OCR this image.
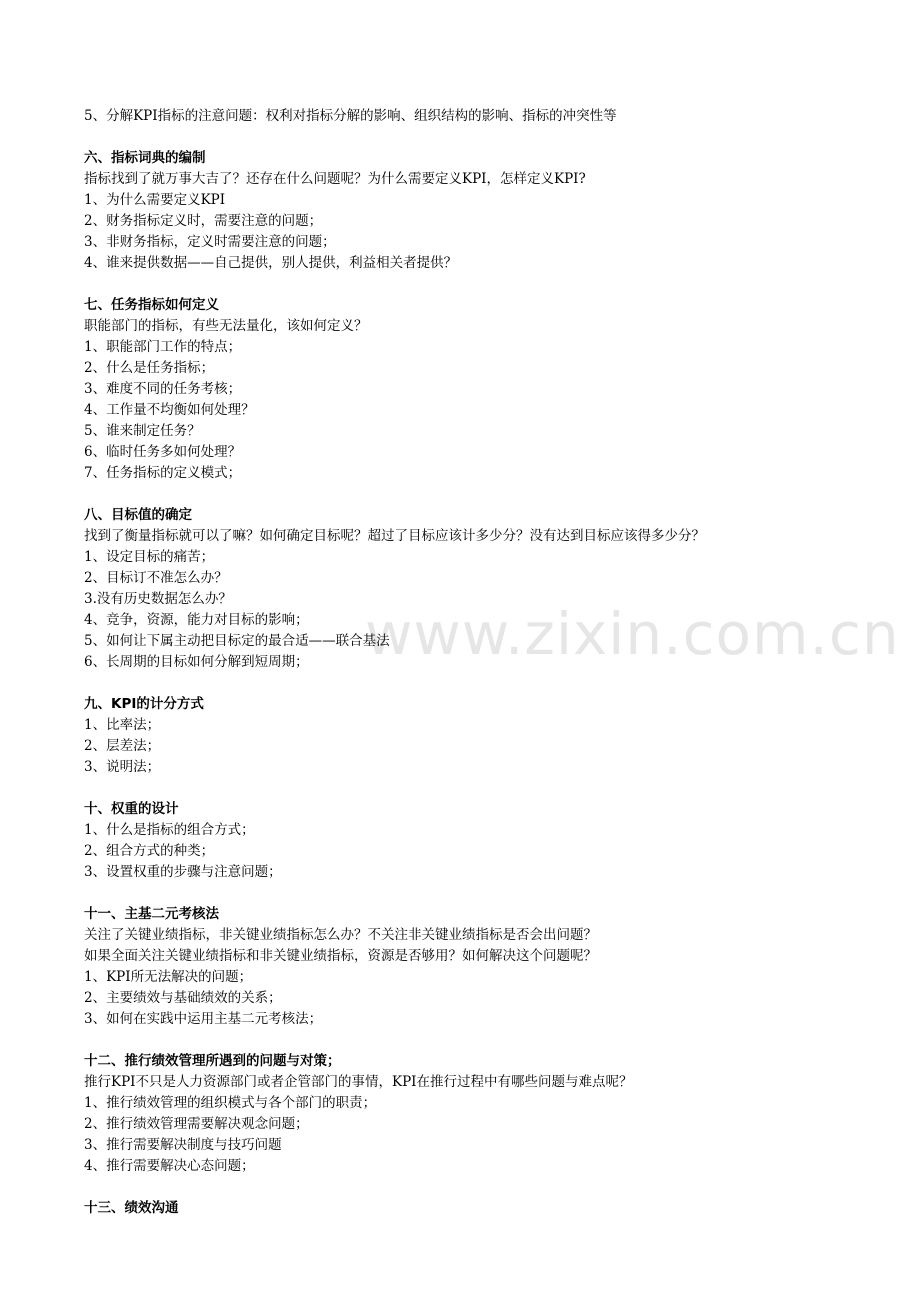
www.zixin.com.cn

5、分解KPI指标的注意问题：权利对指标分解的影响、组织结构的影响、指标的冲突性等

六、指标词典的编制

指标找到了就万事大吉了？还存在什么问题呢？为什么需要定义KPI，怎样定义KPI?

1、为什么需要定义KPI

2、财务指标定义时，需要注意的问题；

3、非财务指标，定义时需要注意的问题；

4、谁来提供数据——自己提供，别人提供，利益相关者提供？

七、任务指标如何定义

职能部门的指标，有些无法量化，该如何定义？

1、职能部门工作的特点；

2、什么是任务指标；

3、难度不同的任务考核；

4、工作量不均衡如何处理？

5、谁来制定任务？

6、临时任务多如何处理？

7、任务指标的定义模式；

八、目标值的确定

找到了衡量指标就可以了嘛？如何确定目标呢？超过了目标应该计多少分？没有达到目标应该得多少分？

1、设定目标的痛苦；

2、目标订不准怎么办？

3.没有历史数据怎么办？

4、竞争，资源，能力对目标的影响；

5、如何让下属主动把目标定的最合适——联合基法

6、长周期的目标如何分解到短周期；

九、KPI的计分方式

1、比率法；

2、层差法；

3、说明法；

十、权重的设计

1、什么是指标的组合方式；

2、组合方式的种类；

3、设置权重的步骤与注意问题；

十一、主基二元考核法

关注了关键业绩指标，非关键业绩指标怎么办？不关注非关键业绩指标是否会出问题？

如果全面关注关键业绩指标和非关键业绩指标，资源是否够用？如何解决这个问题呢？

1、KPI所无法解决的问题；

2、主要绩效与基础绩效的关系；

3、如何在实践中运用主基二元考核法；

十二、推行绩效管理所遇到的问题与对策；

推行KPI不只是人力资源部门或者企管部门的事情，KPI在推行过程中有哪些问题与难点呢？

1、推行绩效管理的组织模式与各个部门的职责；

2、推行绩效管理需要解决观念问题；

3、推行需要解决制度与技巧问题

4、推行需要解决心态问题；

十三、绩效沟通
